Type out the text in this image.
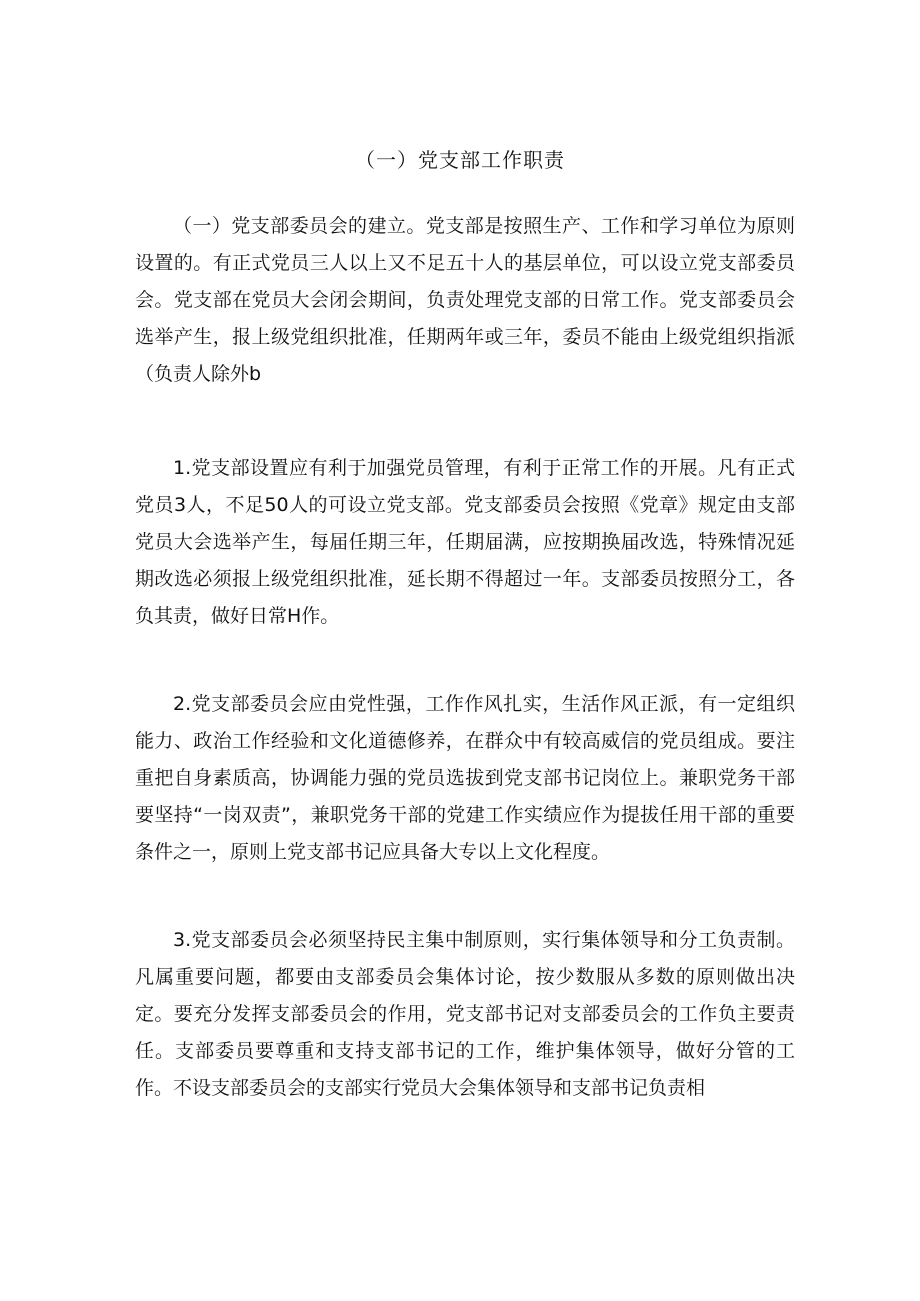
（一）党支部工作职责

（一）党支部委员会的建立。党支部是按照生产、工作和学习单位为原则设置的。有正式党员三人以上又不足五十人的基层单位，可以设立党支部委员会。党支部在党员大会闭会期间，负责处理党支部的日常工作。党支部委员会选举产生，报上级党组织批准，任期两年或三年，委员不能由上级党组织指派（负责人除外b

1.党支部设置应有利于加强党员管理，有利于正常工作的开展。凡有正式党员3人，不足50人的可设立党支部。党支部委员会按照《党章》规定由支部党员大会选举产生，每届任期三年，任期届满，应按期换届改选，特殊情况延期改选必须报上级党组织批准，延长期不得超过一年。支部委员按照分工，各负其责，做好日常H作。

2.党支部委员会应由党性强，工作作风扎实，生活作风正派，有一定组织能力、政治工作经验和文化道德修养，在群众中有较高威信的党员组成。要注重把自身素质高，协调能力强的党员选拔到党支部书记岗位上。兼职党务干部要坚持“一岗双责”，兼职党务干部的党建工作实绩应作为提拔任用干部的重要条件之一，原则上党支部书记应具备大专以上文化程度。

3.党支部委员会必须坚持民主集中制原则，实行集体领导和分工负责制。凡属重要问题，都要由支部委员会集体讨论，按少数服从多数的原则做出决定。要充分发挥支部委员会的作用，党支部书记对支部委员会的工作负主要责任。支部委员要尊重和支持支部书记的工作，维护集体领导，做好分管的工作。不设支部委员会的支部实行党员大会集体领导和支部书记负责相
